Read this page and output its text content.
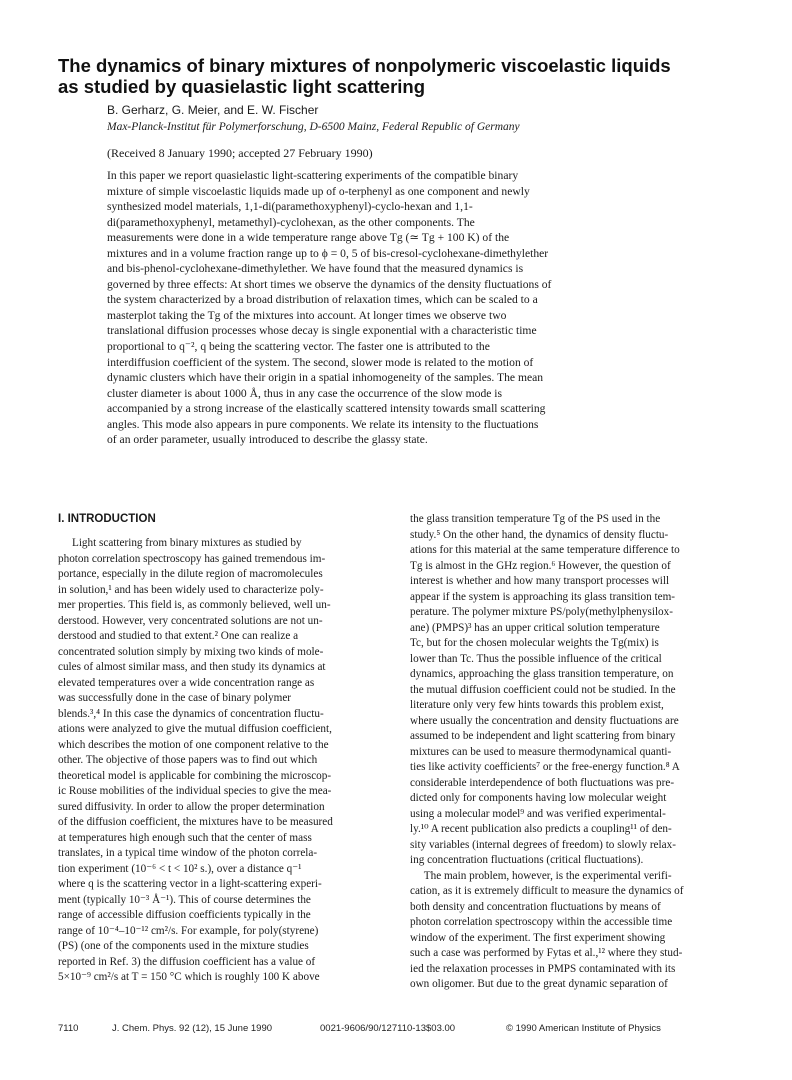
The dynamics of binary mixtures of nonpolymeric viscoelastic liquids
as studied by quasielastic light scattering
B. Gerharz, G. Meier, and E. W. Fischer
Max-Planck-Institut für Polymerforschung, D-6500 Mainz, Federal Republic of Germany
(Received 8 January 1990; accepted 27 February 1990)

In this paper we report quasielastic light-scattering experiments of the compatible binary
mixture of simple viscoelastic liquids made up of o-terphenyl as one component and newly
synthesized model materials, 1,1-di(paramethoxyphenyl)-cyclo-hexan and 1,1-
di(paramethoxyphenyl, metamethyl)-cyclohexan, as the other components. The
measurements were done in a wide temperature range above Tg (≃ Tg + 100 K) of the
mixtures and in a volume fraction range up to ϕ = 0, 5 of bis-cresol-cyclohexane-dimethylether
and bis-phenol-cyclohexane-dimethylether. We have found that the measured dynamics is
governed by three effects: At short times we observe the dynamics of the density fluctuations of
the system characterized by a broad distribution of relaxation times, which can be scaled to a
masterplot taking the Tg of the mixtures into account. At longer times we observe two
translational diffusion processes whose decay is single exponential with a characteristic time
proportional to q⁻², q being the scattering vector. The faster one is attributed to the
interdiffusion coefficient of the system. The second, slower mode is related to the motion of
dynamic clusters which have their origin in a spatial inhomogeneity of the samples. The mean
cluster diameter is about 1000 Å, thus in any case the occurrence of the slow mode is
accompanied by a strong increase of the elastically scattered intensity towards small scattering
angles. This mode also appears in pure components. We relate its intensity to the fluctuations
of an order parameter, usually introduced to describe the glassy state.

I. INTRODUCTION

Light scattering from binary mixtures as studied by
photon correlation spectroscopy has gained tremendous im-
portance, especially in the dilute region of macromolecules
in solution,¹ and has been widely used to characterize poly-
mer properties. This field is, as commonly believed, well un-
derstood. However, very concentrated solutions are not un-
derstood and studied to that extent.² One can realize a
concentrated solution simply by mixing two kinds of mole-
cules of almost similar mass, and then study its dynamics at
elevated temperatures over a wide concentration range as
was successfully done in the case of binary polymer
blends.³,⁴ In this case the dynamics of concentration fluctu-
ations were analyzed to give the mutual diffusion coefficient,
which describes the motion of one component relative to the
other. The objective of those papers was to find out which
theoretical model is applicable for combining the microscop-
ic Rouse mobilities of the individual species to give the mea-
sured diffusivity. In order to allow the proper determination
of the diffusion coefficient, the mixtures have to be measured
at temperatures high enough such that the center of mass
translates, in a typical time window of the photon correla-
tion experiment (10⁻⁶ < t < 10² s.), over a distance q⁻¹
where q is the scattering vector in a light-scattering experi-
ment (typically 10⁻³ Å⁻¹). This of course determines the
range of accessible diffusion coefficients typically in the
range of 10⁻⁴–10⁻¹² cm²/s. For example, for poly(styrene)
(PS) (one of the components used in the mixture studies
reported in Ref. 3) the diffusion coefficient has a value of
5×10⁻⁹ cm²/s at T = 150 °C which is roughly 100 K above

the glass transition temperature Tg of the PS used in the
study.⁵ On the other hand, the dynamics of density fluctu-
ations for this material at the same temperature difference to
Tg is almost in the GHz region.⁶ However, the question of
interest is whether and how many transport processes will
appear if the system is approaching its glass transition tem-
perature. The polymer mixture PS/poly(methylphenysilox-
ane) (PMPS)³ has an upper critical solution temperature
Tc, but for the chosen molecular weights the Tg(mix) is
lower than Tc. Thus the possible influence of the critical
dynamics, approaching the glass transition temperature, on
the mutual diffusion coefficient could not be studied. In the
literature only very few hints towards this problem exist,
where usually the concentration and density fluctuations are
assumed to be independent and light scattering from binary
mixtures can be used to measure thermodynamical quanti-
ties like activity coefficients⁷ or the free-energy function.⁸ A
considerable interdependence of both fluctuations was pre-
dicted only for components having low molecular weight
using a molecular model⁹ and was verified experimental-
ly.¹⁰ A recent publication also predicts a coupling¹¹ of den-
sity variables (internal degrees of freedom) to slowly relax-
ing concentration fluctuations (critical fluctuations).
The main problem, however, is the experimental verifi-
cation, as it is extremely difficult to measure the dynamics of
both density and concentration fluctuations by means of
photon correlation spectroscopy within the accessible time
window of the experiment. The first experiment showing
such a case was performed by Fytas et al.,¹² where they stud-
ied the relaxation processes in PMPS contaminated with its
own oligomer. But due to the great dynamic separation of

7110	J. Chem. Phys. 92 (12), 15 June 1990	0021-9606/90/127110-13$03.00	© 1990 American Institute of Physics
